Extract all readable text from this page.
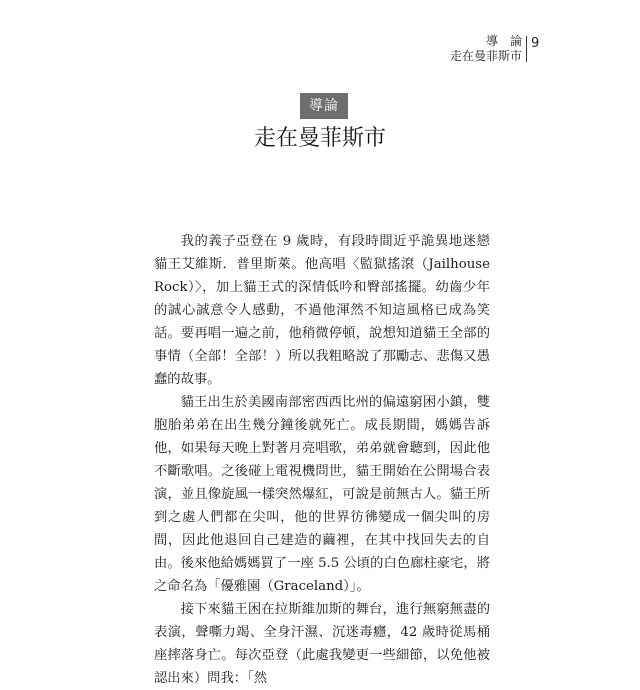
導　論
走在曼菲斯市
9
導論
走在曼菲斯市

我的義子亞登在 9 歲時，有段時間近乎詭異地迷戀貓王艾維斯．普里斯萊。他高唱〈監獄搖滾（Jailhouse Rock）〉，加上貓王式的深情低吟和臀部搖擺。幼齒少年的誠心誠意令人感動，不過他渾然不知這風格已成為笑話。要再唱一遍之前，他稍微停頓，說想知道貓王全部的事情（全部！全部！）所以我粗略說了那勵志、悲傷又愚蠢的故事。

貓王出生於美國南部密西西比州的偏遠窮困小鎮，雙胞胎弟弟在出生幾分鐘後就死亡。成長期間，媽媽告訴他，如果每天晚上對著月亮唱歌，弟弟就會聽到，因此他不斷歌唱。之後碰上電視機問世，貓王開始在公開場合表演，並且像旋風一樣突然爆紅，可說是前無古人。貓王所到之處人們都在尖叫，他的世界彷彿變成一個尖叫的房間，因此他退回自己建造的繭裡，在其中找回失去的自由。後來他給媽媽買了一座 5.5 公頃的白色廊柱豪宅，將之命名為「優雅園（Graceland）」。

接下來貓王困在拉斯維加斯的舞台，進行無窮無盡的表演，聲嘶力竭、全身汗濕、沉迷毒癮，42 歲時從馬桶座摔落身亡。每次亞登（此處我變更一些細節，以免他被認出來）問我：「然
